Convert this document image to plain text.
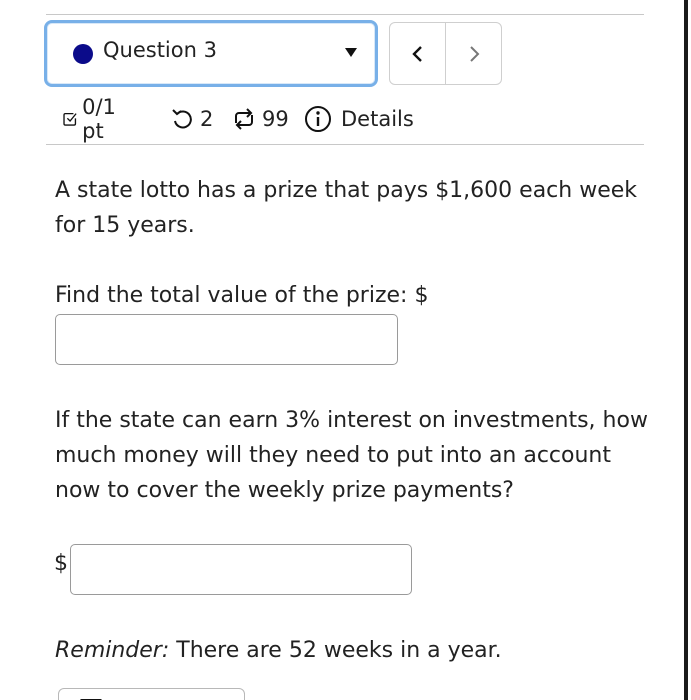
Question 3
0/1 pt	2 99 Details
A state lotto has a prize that pays $1,600 each week for 15 years.
Find the total value of the prize: $
If the state can earn 3% interest on investments, how much money will they need to put into an account now to cover the weekly prize payments?
$
Reminder: There are 52 weeks in a year.
